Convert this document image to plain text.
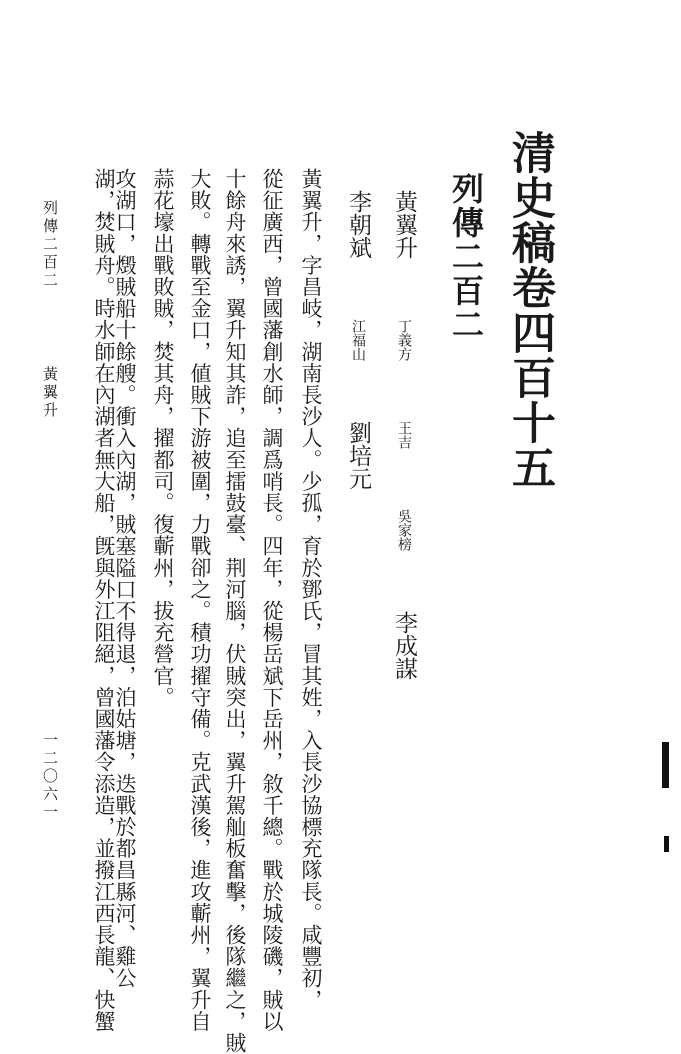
清史稿卷四百十五
列傳二百二
黃翼升  丁義方  王吉  吳家榜  李成謀
李朝斌  江福山  劉培元

黃翼升，字昌岐，湖南長沙人。少孤，育於鄧氏，冒其姓，入長沙協標充隊長。咸豐初，

從征廣西，曾國藩創水師，調爲哨長。四年，從楊岳斌下岳州，敘千總。戰於城陵磯，賊以

十餘舟來誘，翼升知其詐，追至擂鼓臺、荆河腦，伏賊突出，翼升駕舢板奮擊，後隊繼之，賊

大敗。轉戰至金口，値賊下游被圍，力戰卻之。積功擢守備。克武漢後，進攻蘄州，翼升自

蒜花壕出戰敗賊，焚其舟，擢都司。復蘄州，拔充營官。

攻湖口，燬賊船十餘艘。衝入內湖，賊塞隘口不得退，泊姑塘，迭戰於都昌縣河、雞公

湖，焚賊舟。時水師在內湖者無大船，旣與外江阻絕，曾國藩令添造，並撥江西長龍、快蟹

列傳二百二  黃翼升
一二〇六一
